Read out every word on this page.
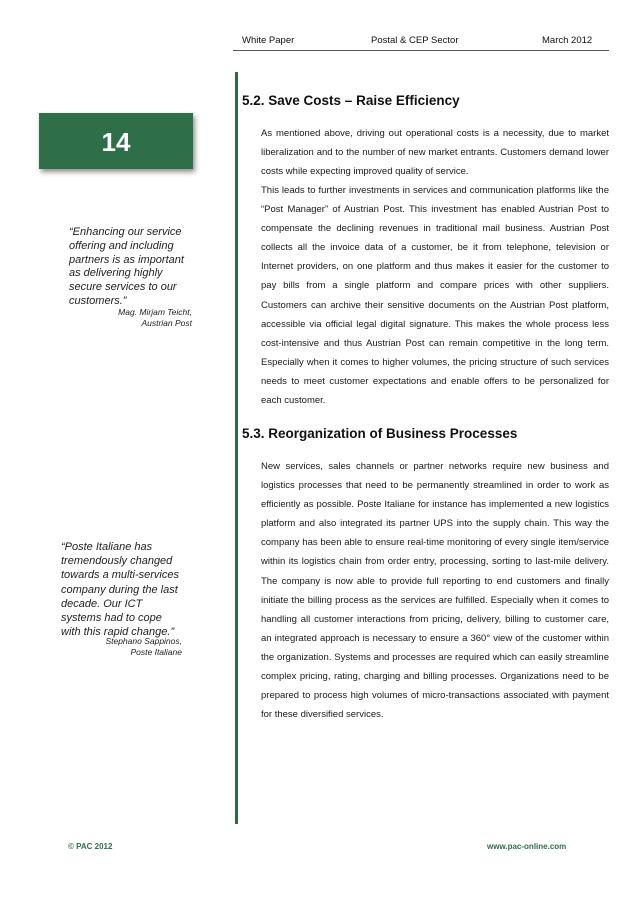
White Paper	Postal & CEP Sector	March 2012
14
“Enhancing our service
offering and including
partners is as important
as delivering highly
secure services to our
customers.”
Mag. Mirjam Teicht,
Austrian Post
“Poste Italiane has
tremendously changed
towards a multi-services
company during the last
decade. Our ICT
systems had to cope
with this rapid change.”
Stephano Sappinos,
Poste Italiane
5.2. Save Costs – Raise Efficiency

As mentioned above, driving out operational costs is a necessity, due to market liberalization and to the number of new market entrants. Customers demand lower costs while expecting improved quality of service.

This leads to further investments in services and communication platforms like the “Post Manager” of Austrian Post. This investment has enabled Austrian Post to compensate the declining revenues in traditional mail business. Austrian Post collects all the invoice data of a customer, be it from telephone, television or Internet providers, on one platform and thus makes it easier for the customer to pay bills from a single platform and compare prices with other suppliers. Customers can archive their sensitive documents on the Austrian Post platform, accessible via official legal digital signature. This makes the whole process less cost-intensive and thus Austrian Post can remain competitive in the long term. Especially when it comes to higher volumes, the pricing structure of such services needs to meet customer expectations and enable offers to be personalized for each customer.

5.3. Reorganization of Business Processes

New services, sales channels or partner networks require new business and logistics processes that need to be permanently streamlined in order to work as efficiently as possible. Poste Italiane for instance has implemented a new logistics platform and also integrated its partner UPS into the supply chain. This way the company has been able to ensure real-time monitoring of every single item/service within its logistics chain from order entry, processing, sorting to last-mile delivery. The company is now able to provide full reporting to end customers and finally initiate the billing process as the services are fulfilled. Especially when it comes to handling all customer interactions from pricing, delivery, billing to customer care, an integrated approach is necessary to ensure a 360° view of the customer within the organization. Systems and processes are required which can easily streamline complex pricing, rating, charging and billing processes. Organizations need to be prepared to process high volumes of micro-transactions associated with payment for these diversified services.

© PAC 2012	www.pac-online.com
